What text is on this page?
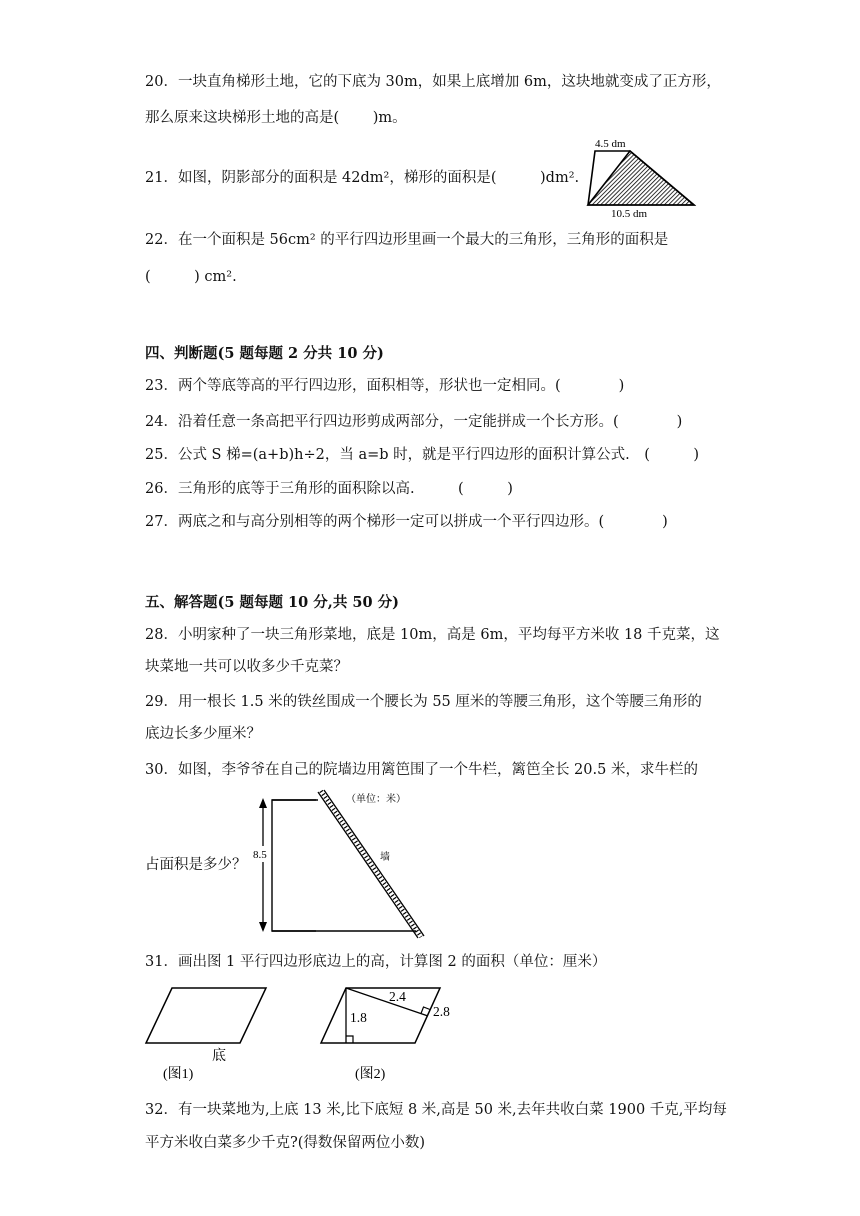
20．一块直角梯形土地，它的下底为 30m，如果上底增加 6m，这块地就变成了正方形，
那么原来这块梯形土地的高是(　　 )m。
21．如图，阴影部分的面积是 42dm²，梯形的面积是(　　　)dm².
4.5 dm
10.5 dm
22．在一个面积是 56cm² 的平行四边形里画一个最大的三角形，三角形的面积是
(　　　) cm².
四、判断题(5 题每题 2 分共 10 分)
23．两个等底等高的平行四边形，面积相等，形状也一定相同。(　　　　)
24．沿着任意一条高把平行四边形剪成两部分，一定能拼成一个长方形。(　　　　)
25．公式 S 梯=(a+b)h÷2，当 a=b 时，就是平行四边形的面积计算公式.　(　　　)
26．三角形的底等于三角形的面积除以高.　　　(　　　)
27．两底之和与高分别相等的两个梯形一定可以拼成一个平行四边形。(　　　　)
五、解答题(5 题每题 10 分,共 50 分)
28．小明家种了一块三角形菜地，底是 10m，高是 6m，平均每平方米收 18 千克菜，这
块菜地一共可以收多少千克菜？
29．用一根长 1.5 米的铁丝围成一个腰长为 55 厘米的等腰三角形，这个等腰三角形的
底边长多少厘米？
30．如图，李爷爷在自己的院墙边用篱笆围了一个牛栏，篱笆全长 20.5 米，求牛栏的
占面积是多少？
8.5
（单位：米）
墙
31．画出图 1 平行四边形底边上的高，计算图 2 的面积（单位：厘米）
底
(图1)
1.8
2.4
2.8
(图2)
32．有一块菜地为,上底 13 米,比下底短 8 米,高是 50 米,去年共收白菜 1900 千克,平均每
平方米收白菜多少千克?(得数保留两位小数)
